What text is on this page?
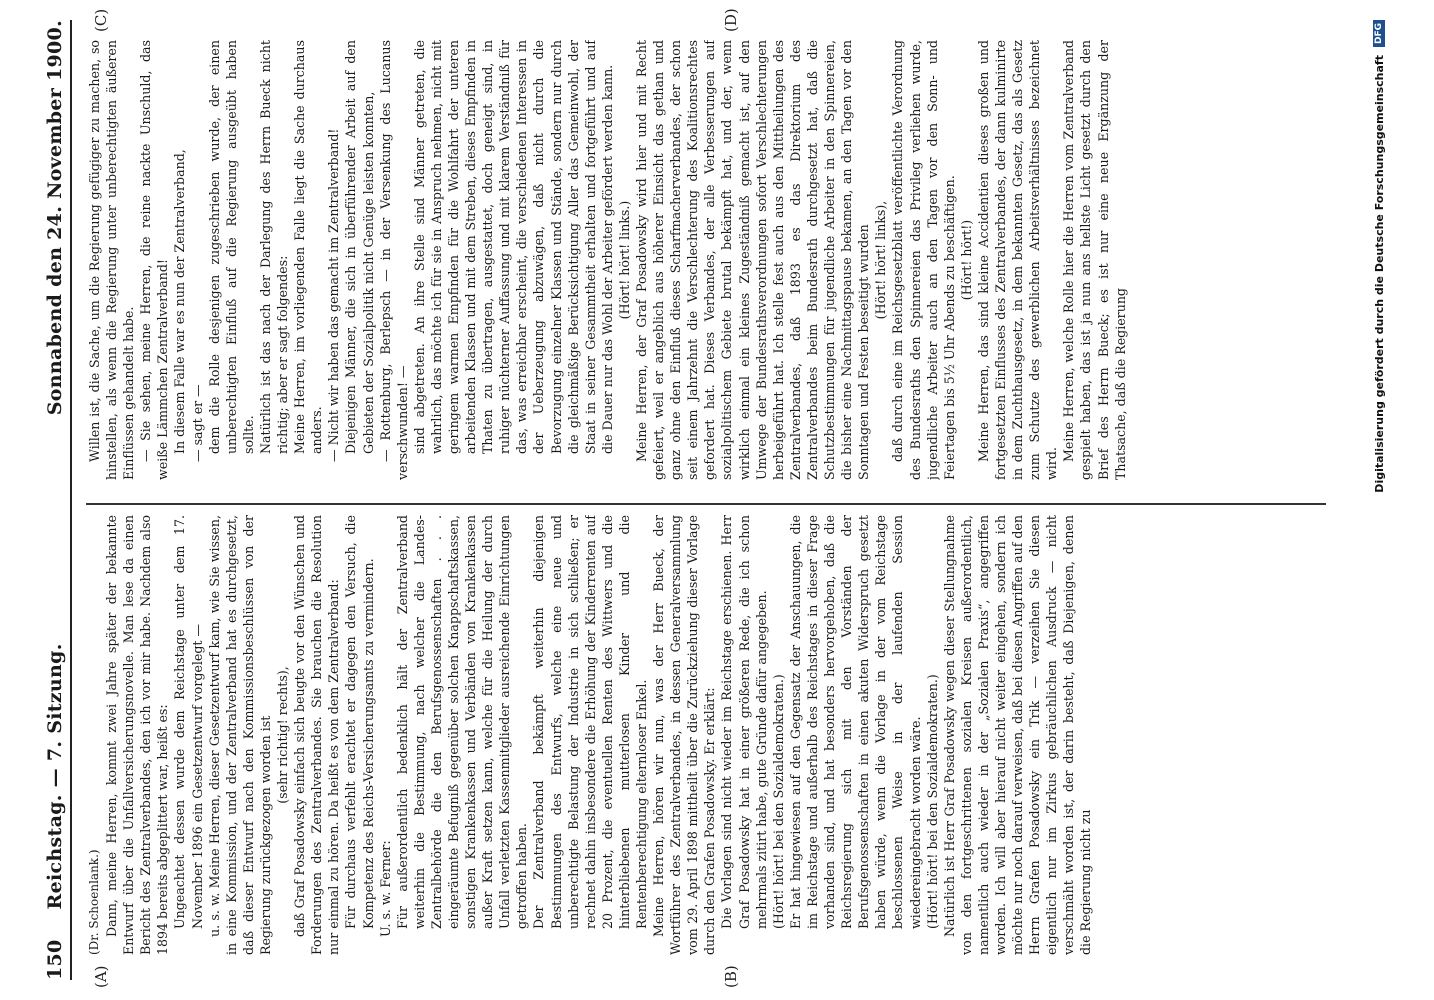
150
Reichstag. — 7. Sitzung.
Sonnabend den 24. November 1900.
(A)	(B)
(C)	(D)

(Dr. Schoenlank.) Dann, meine Herren, kommt zwei Jahre später der bekannte Entwurf über die Unfallversicherungsnovelle. Man lese da einen Bericht des Zentralverbandes, den ich vor mir habe. Nachdem also 1894 bereits abgeplittert war, heißt es: Ungeachtet dessen wurde dem Reichstage unter dem 17. November 1896 ein Gesetzentwurf vorgelegt — u. s. w. Meine Herren, dieser Gesetzentwurf kam, wie Sie wissen, in eine Kommission, und der Zentralverband hat es durchgesetzt, daß dieser Entwurf nach den Kommissionsbeschlüssen von der Regierung zurückgezogen worden ist (sehr richtig! rechts), daß Graf Posadowsky einfach sich beugte vor den Wünschen und Forderungen des Zentralverbandes. Sie brauchen die Resolution nur einmal zu hören. Da heißt es von dem Zentralverband: Für durchaus verfehlt erachtet er dagegen den Versuch, die Kompetenz des Reichs-Versicherungsamts zu vermindern. U. s. w. Ferner: Für außerordentlich bedenklich hält der Zentralverband weiterhin die Bestimmung, nach welcher die Landes-Zentralbehörde die den Berufsgenossenschaften . . . eingeräumte Befugniß gegenüber solchen Knappschaftskassen, sonstigen Krankenkassen und Verbänden von Krankenkassen außer Kraft setzen kann, welche für die Heilung der durch Unfall verletzten Kassenmitglieder ausreichende Einrichtungen getroffen haben. Der Zentralverband bekämpft weiterhin diejenigen Bestimmungen des Entwurfs, welche eine neue und unberechtigte Belastung der Industrie in sich schließen; er rechnet dahin insbesondere die Erhöhung der Kinderrenten auf 20 Prozent, die eventuellen Renten des Wittwers und die hinterbliebenen mutterlosen Kinder und die Rentenberechtigung elternloser Enkel. Meine Herren, hören wir nun, was der Herr Bueck, der Wortführer des Zentralverbandes, in dessen Generalversammlung vom 29. April 1898 mittheilt über die Zurückziehung dieser Vorlage durch den Grafen Posadowsky. Er erklärt: Die Vorlagen sind nicht wieder im Reichstage erschienen. Herr Graf Posadowsky hat in einer größeren Rede, die ich schon mehrmals zitirt habe, gute Gründe dafür angegeben. (Hört! hört! bei den Sozialdemokraten.) Er hat hingewiesen auf den Gegensatz der Anschauungen, die im Reichstage und außerhalb des Reichstages in dieser Frage vorhanden sind, und hat besonders hervorgehoben, daß die Reichsregierung sich mit den Vorständen der Berufsgenossenschaften in einen akuten Widerspruch gesetzt haben würde, wenn die Vorlage in der vom Reichstage beschlossenen Weise in der laufenden Session wiedereingebracht worden wäre. (Hört! hört! bei den Sozialdemokraten.) Natürlich ist Herr Graf Posadowsky wegen dieser Stellungnahme von den fortgeschrittenen sozialen Kreisen außerordentlich, namentlich auch wieder in der „Sozialen Praxis“, angegriffen worden. Ich will aber hierauf nicht weiter eingehen, sondern ich möchte nur noch darauf verweisen, daß bei diesen Angriffen auf den Herrn Grafen Posadowsky ein Trik — verzeihen Sie diesen eigentlich nur im Zirkus gebräuchlichen Ausdruck — nicht verschmäht worden ist, der darin besteht, daß Diejenigen, denen die Regierung nicht zu

Willen ist, die Sache, um die Regierung gefügiger zu machen, so hinstellen, als wenn die Regierung unter unberechtigten äußeren Einflüssen gehandelt habe. — Sie sehen, meine Herren, die reine nackte Unschuld, das weiße Lämmchen Zentralverband! In diesem Falle war es nun der Zentralverband, — sagt er — dem die Rolle desjenigen zugeschrieben wurde, der einen unberechtigten Einfluß auf die Regierung ausgeübt haben sollte. Natürlich ist das nach der Darlegung des Herrn Bueck nicht richtig; aber er sagt folgendes: Meine Herren, im vorliegenden Falle liegt die Sache durchaus anders. — Nicht wir haben das gemacht im Zentralverband! Diejenigen Männer, die sich in überführender Arbeit auf den Gebieten der Sozialpolitik nicht Genüge leisten konnten, — Rottenburg, Berlepsch — in der Versenkung des Lucanus verschwunden! — sind abgetreten. An ihre Stelle sind Männer getreten, die wahrlich, das möchte ich für sie in Anspruch nehmen, nicht mit geringem warmen Empfinden für die Wohlfahrt der unteren arbeitenden Klassen und mit dem Streben, dieses Empfinden in Thaten zu übertragen, ausgestattet, doch geneigt sind, in ruhiger nüchterner Auffassung und mit klarem Verständniß für das, was erreichbar erscheint, die verschiedenen Interessen in der Ueberzeugung abzuwägen, daß nicht durch die Bevorzugung einzelner Klassen und Stände, sondern nur durch die gleichmäßige Berücksichtigung Aller das Gemeinwohl, der Staat in seiner Gesammtheit erhalten und fortgeführt und auf die Dauer nur das Wohl der Arbeiter gefördert werden kann. (Hört! hört! links.) Meine Herren, der Graf Posadowsky wird hier und mit Recht gefeiert, weil er angeblich aus höherer Einsicht das gethan und ganz ohne den Einfluß dieses Scharfmacherverbandes, der schon seit einem Jahrzehnt die Verschlechterung des Koalitionsrechtes gefordert hat. Dieses Verbandes, der alle Verbesserungen auf sozialpolitischem Gebiete brutal bekämpft hat, und der, wenn wirklich einmal ein kleines Zugeständniß gemacht ist, auf den Umwege der Bundesrathsverordnungen sofort Verschlechterungen herbeigeführt hat. Ich stelle fest auch aus den Mittheilungen des Zentralverbandes, daß 1893 es das Direktorium des Zentralverbandes beim Bundesrath durchgesetzt hat, daß die Schutzbestimmungen für jugendliche Arbeiter in den Spinnereien, die bisher eine Nachmittagspause bekamen, an den Tagen vor den Sonntagen und Festen beseitigt wurden (Hört! hört! links), daß durch eine im Reichsgesetzblatt veröffentlichte Verordnung des Bundesraths den Spinnereien das Privileg verliehen wurde, jugendliche Arbeiter auch an den Tagen vor den Sonn- und Feiertagen bis 5½ Uhr Abends zu beschäftigen. (Hört! hört!) Meine Herren, das sind kleine Accidentien dieses großen und fortgesetzten Einflusses des Zentralverbandes, der dann kulminirte in dem Zuchthausgesetz, in dem bekannten Gesetz, das als Gesetz zum Schutze des gewerblichen Arbeitsverhältnisses bezeichnet wird.

Meine Herren, welche Rolle hier die Herren vom Zentralverband gespielt haben, das ist ja nun ans hellste Licht gesetzt durch den Brief des Herrn Bueck; es ist nur eine neue Ergänzung der Thatsache, daß die Regierung	Digitalisierung gefördert durch die Deutsche Forschungsgemeinschaft
DFG
